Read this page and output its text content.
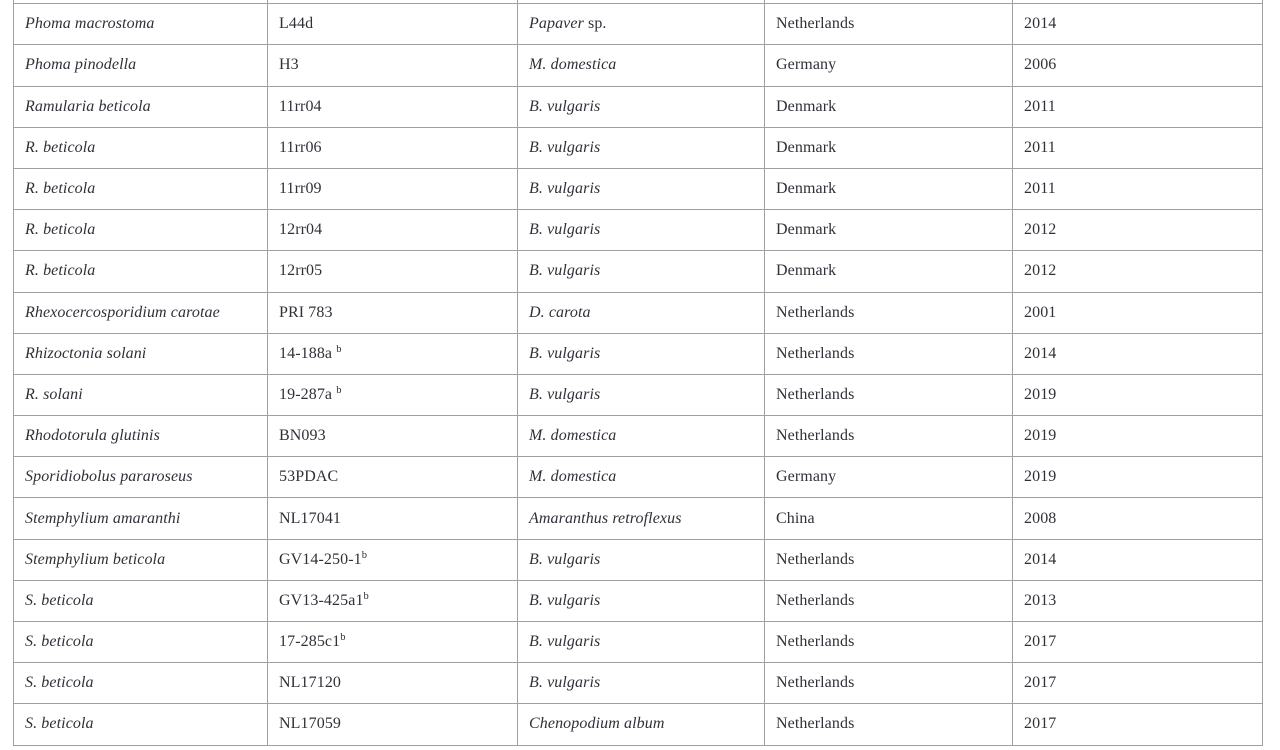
Phoma macrostoma	L44d	Papaver sp.	Netherlands	2014
Phoma pinodella	H3	M. domestica	Germany	2006
Ramularia beticola	11rr04	B. vulgaris	Denmark	2011
R. beticola	11rr06	B. vulgaris	Denmark	2011
R. beticola	11rr09	B. vulgaris	Denmark	2011
R. beticola	12rr04	B. vulgaris	Denmark	2012
R. beticola	12rr05	B. vulgaris	Denmark	2012
Rhexocercosporidium carotae	PRI 783	D. carota	Netherlands	2001
Rhizoctonia solani	14-188a $^b$	B. vulgaris	Netherlands	2014
R. solani	19-287a $^b$	B. vulgaris	Netherlands	2019
Rhodotorula glutinis	BN093	M. domestica	Netherlands	2019
Sporidiobolus pararoseus	53PDAC	M. domestica	Germany	2019
Stemphylium amaranthi	NL17041	Amaranthus retroflexus	China	2008
Stemphylium beticola	GV14-250-1$^b$	B. vulgaris	Netherlands	2014
S. beticola	GV13-425a1$^b$	B. vulgaris	Netherlands	2013
S. beticola	17-285c1$^b$	B. vulgaris	Netherlands	2017
S. beticola	NL17120	B. vulgaris	Netherlands	2017
S. beticola	NL17059	Chenopodium album	Netherlands	2017
